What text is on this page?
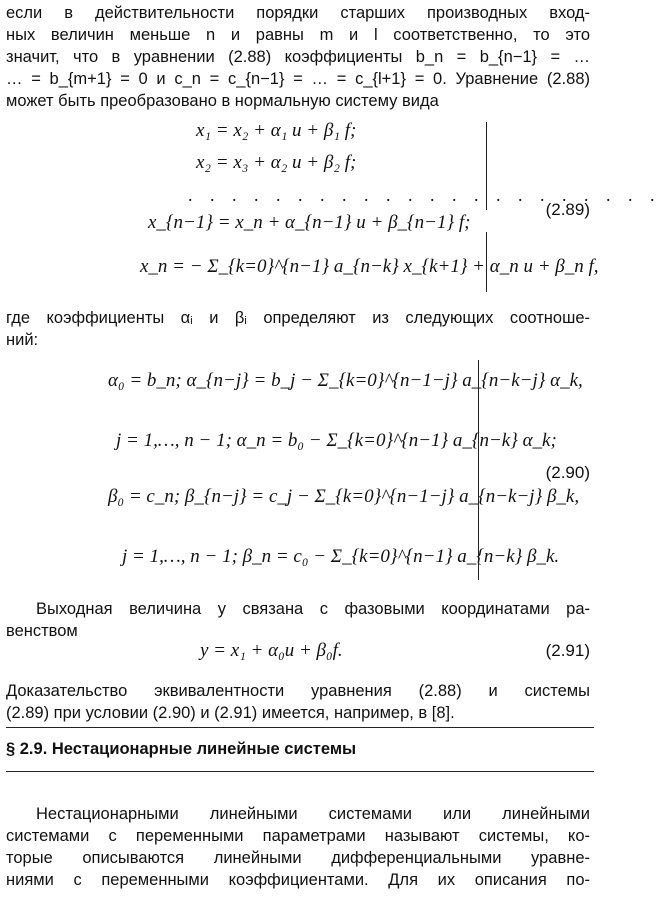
если в действительности порядки старших производных вход-
ных величин меньше n и равны m и l соответственно, то это
значит, что в уравнении (2.88) коэффициенты b_n = b_{n−1} = …
… = b_{m+1} = 0 и c_n = c_{n−1} = … = c_{l+1} = 0. Уравнение (2.88)
может быть преобразовано в нормальную систему вида
x₁ = x₂ + α₁ u + β₁ f;
x₂ = x₃ + α₂ u + β₂ f;
. . . . . . . . . . . . . . . . . . . . . .
x_{n−1} = x_n + α_{n−1} u + β_{n−1} f;
x_n = − Σ_{k=0}^{n−1} a_{n−k} x_{k+1} + α_n u + β_n f,
(2.89)
где коэффициенты αᵢ и βᵢ определяют из следующих соотноше-
ний:
α₀ = b_n; α_{n−j} = b_j − Σ_{k=0}^{n−1−j} a_{n−k−j} α_k,
j = 1,…, n − 1; α_n = b₀ − Σ_{k=0}^{n−1} a_{n−k} α_k;
β₀ = c_n; β_{n−j} = c_j − Σ_{k=0}^{n−1−j} a_{n−k−j} β_k,
j = 1,…, n − 1; β_n = c₀ − Σ_{k=0}^{n−1} a_{n−k} β_k.
(2.90)
Выходная величина y связана с фазовыми координатами ра-
венством
y = x₁ + α₀u + β₀f.	(2.91)
Доказательство эквивалентности уравнения (2.88) и системы
(2.89) при условии (2.90) и (2.91) имеется, например, в [8].
§ 2.9. Нестационарные линейные системы
Нестационарными линейными системами или линейными
системами с переменными параметрами называют системы, ко-
торые описываются линейными дифференциальными уравне-
ниями с переменными коэффициентами. Для их описания по-
